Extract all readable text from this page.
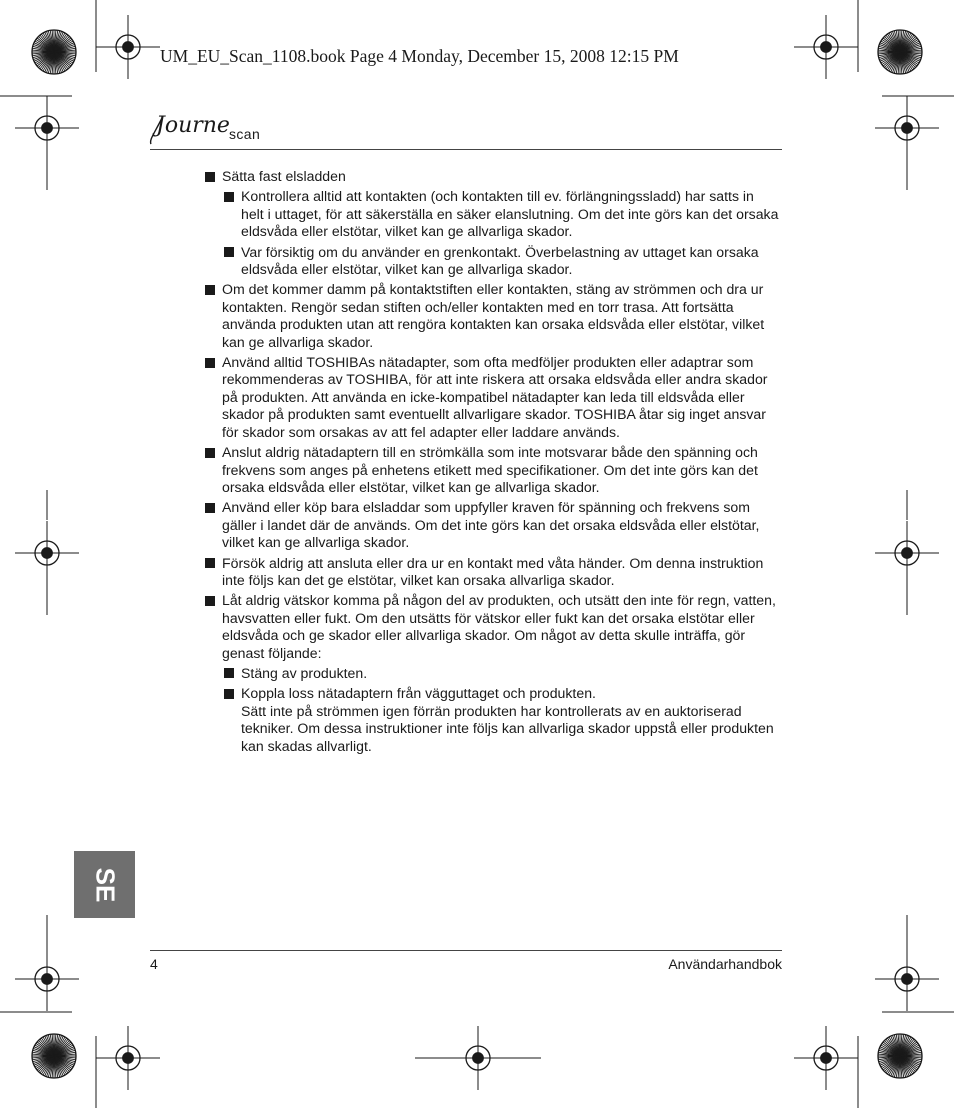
UM_EU_Scan_1108.book Page 4 Monday, December 15, 2008 12:15 PM
Journe scan
Sätta fast elsladden
Kontrollera alltid att kontakten (och kontakten till ev. förlängningssladd) har satts in helt i uttaget, för att säkerställa en säker elanslutning. Om det inte görs kan det orsaka eldsvåda eller elstötar, vilket kan ge allvarliga skador.
Var försiktig om du använder en grenkontakt. Överbelastning av uttaget kan orsaka eldsvåda eller elstötar, vilket kan ge allvarliga skador.
Om det kommer damm på kontaktstiften eller kontakten, stäng av strömmen och dra ur kontakten. Rengör sedan stiften och/eller kontakten med en torr trasa. Att fortsätta använda produkten utan att rengöra kontakten kan orsaka eldsvåda eller elstötar, vilket kan ge allvarliga skador.
Använd alltid TOSHIBAs nätadapter, som ofta medföljer produkten eller adaptrar som rekommenderas av TOSHIBA, för att inte riskera att orsaka eldsvåda eller andra skador på produkten. Att använda en icke-kompatibel nätadapter kan leda till eldsvåda eller skador på produkten samt eventuellt allvarligare skador. TOSHIBA åtar sig inget ansvar för skador som orsakas av att fel adapter eller laddare används.
Anslut aldrig nätadaptern till en strömkälla som inte motsvarar både den spänning och frekvens som anges på enhetens etikett med specifikationer. Om det inte görs kan det orsaka eldsvåda eller elstötar, vilket kan ge allvarliga skador.
Använd eller köp bara elsladdar som uppfyller kraven för spänning och frekvens som gäller i landet där de används. Om det inte görs kan det orsaka eldsvåda eller elstötar, vilket kan ge allvarliga skador.
Försök aldrig att ansluta eller dra ur en kontakt med våta händer. Om denna instruktion inte följs kan det ge elstötar, vilket kan orsaka allvarliga skador.
Låt aldrig vätskor komma på någon del av produkten, och utsätt den inte för regn, vatten, havsvatten eller fukt. Om den utsätts för vätskor eller fukt kan det orsaka elstötar eller eldsvåda och ge skador eller allvarliga skador. Om något av detta skulle inträffa, gör genast följande:
Stäng av produkten.
Koppla loss nätadaptern från vägguttaget och produkten.
Sätt inte på strömmen igen förrän produkten har kontrollerats av en auktoriserad tekniker. Om dessa instruktioner inte följs kan allvarliga skador uppstå eller produkten kan skadas allvarligt.
SE
4	Användarhandbok
